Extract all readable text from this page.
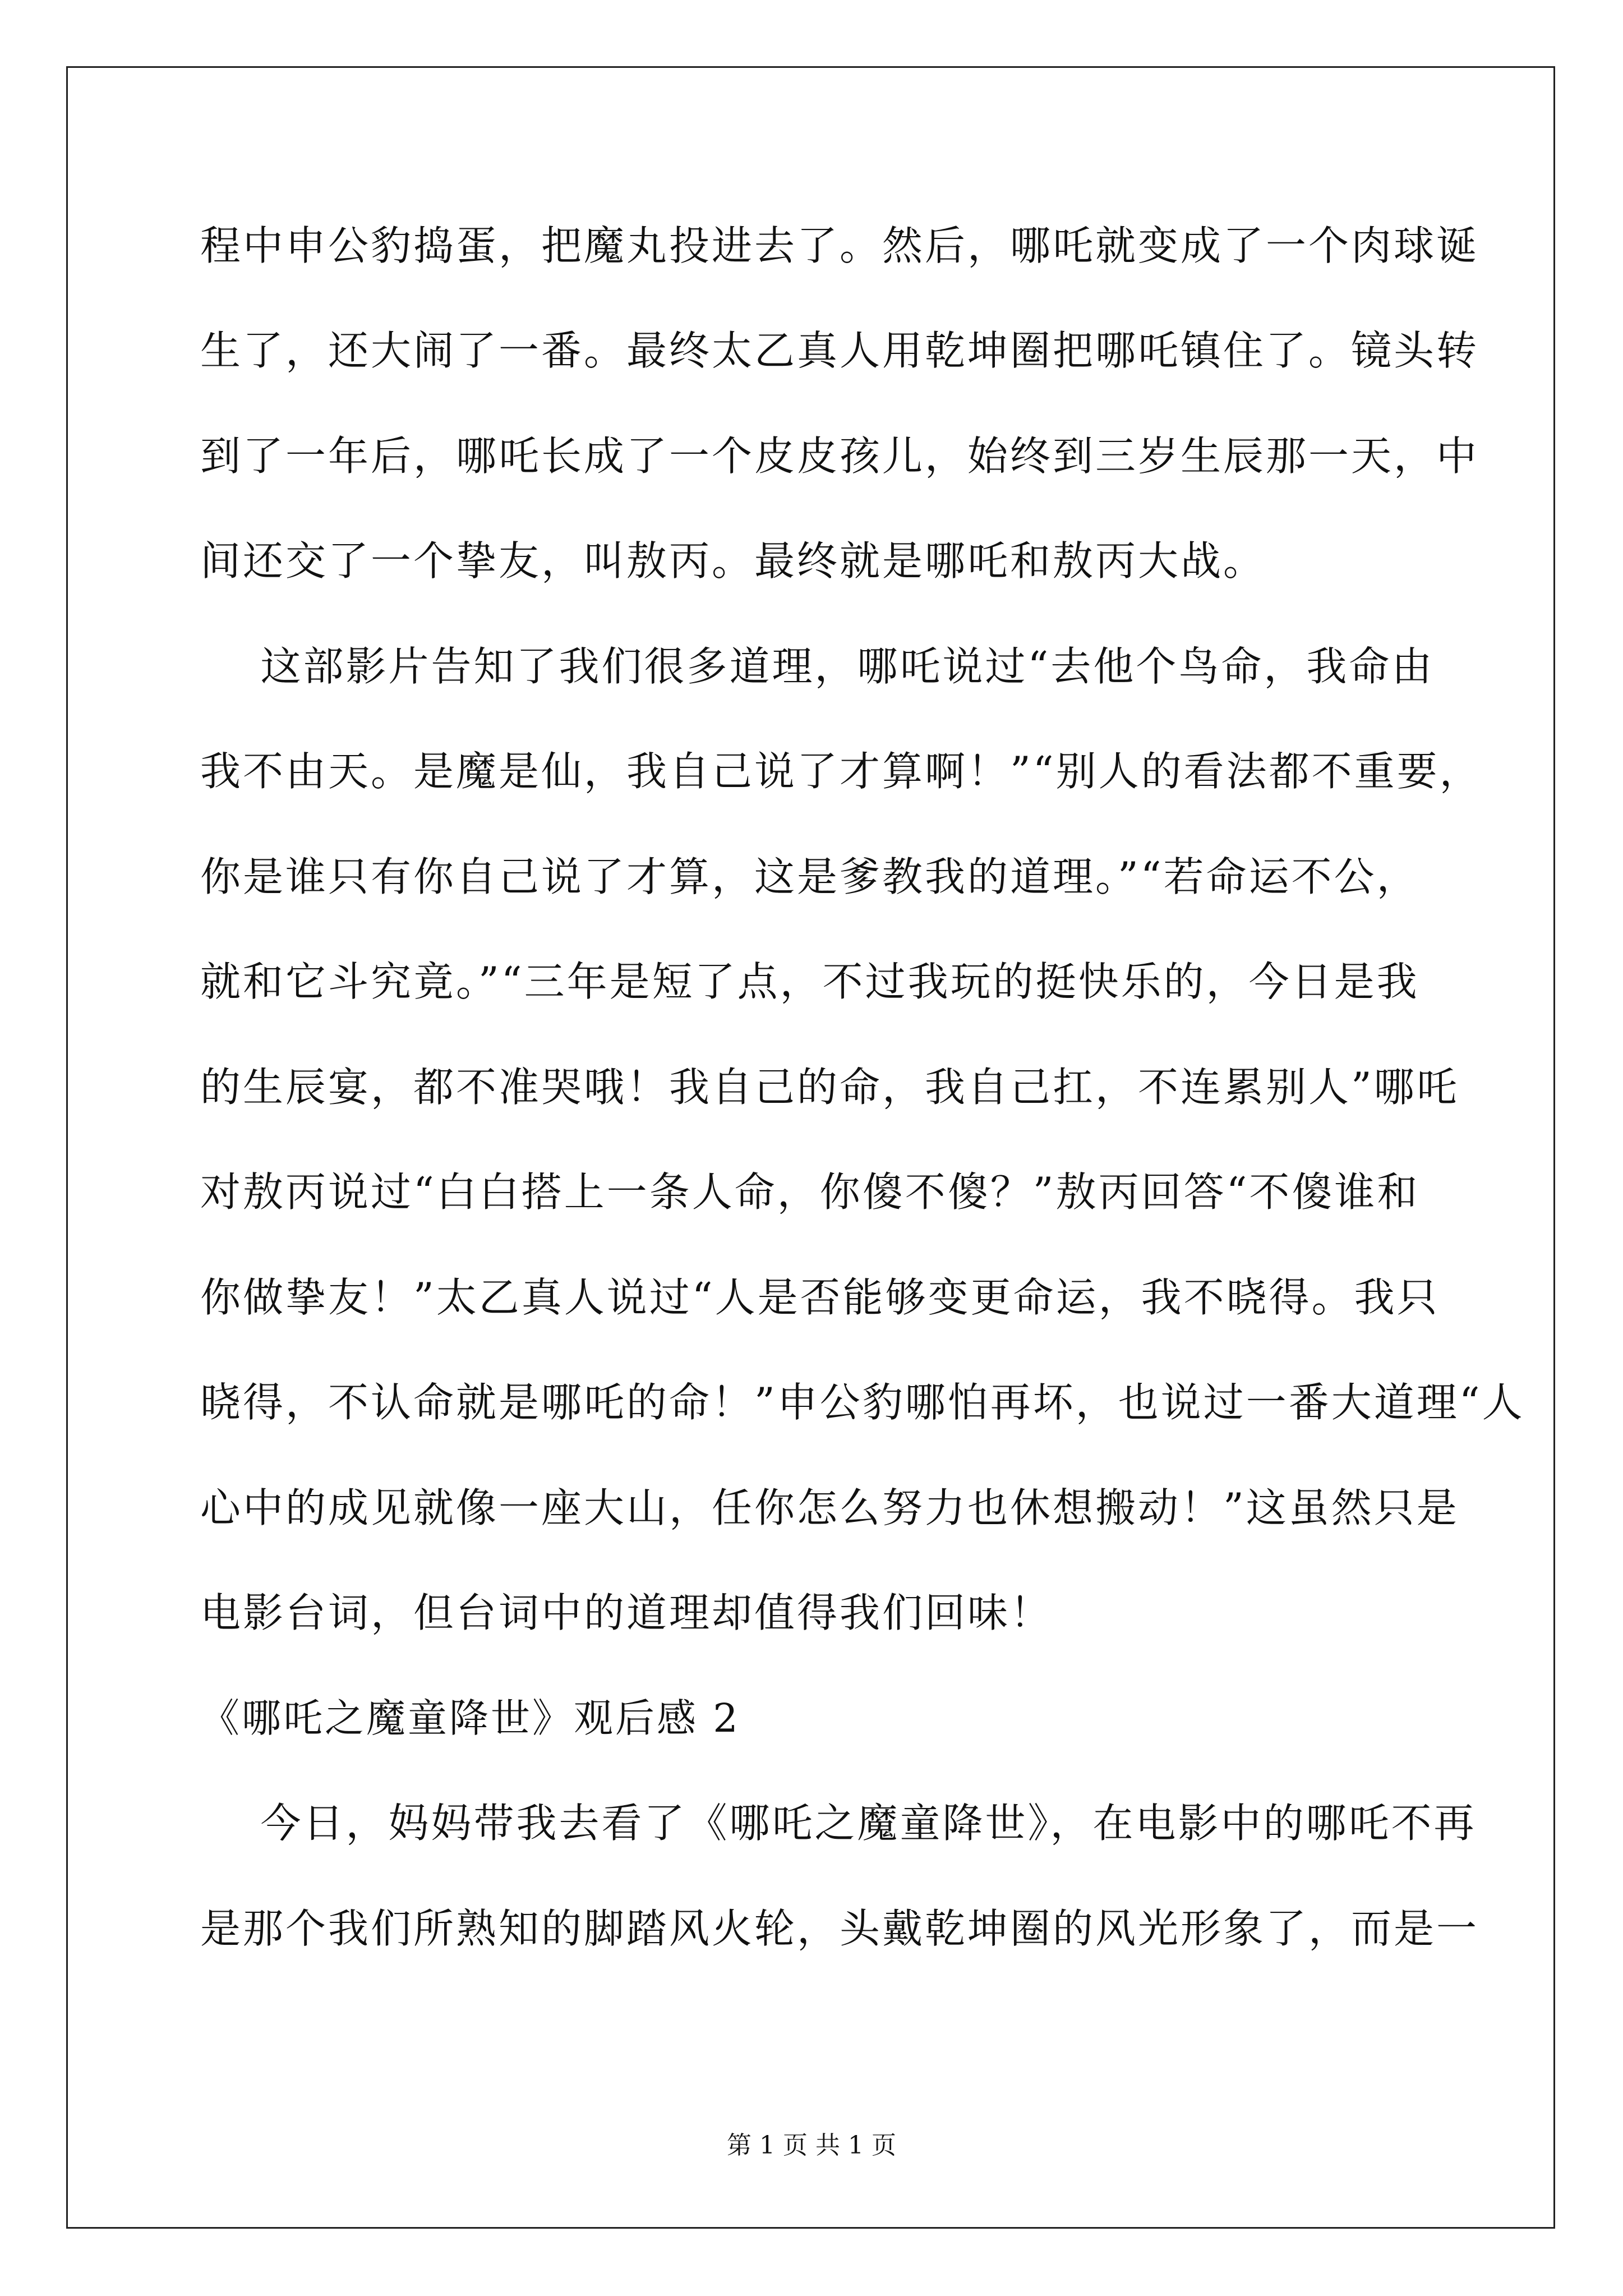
程中申公豹捣蛋，把魔丸投进去了。然后，哪吒就变成了一个肉球诞
生了，还大闹了一番。最终太乙真人用乾坤圈把哪吒镇住了。镜头转
到了一年后，哪吒长成了一个皮皮孩儿，始终到三岁生辰那一天，中
间还交了一个挚友，叫敖丙。最终就是哪吒和敖丙大战。
这部影片告知了我们很多道理，哪吒说过“去他个鸟命，我命由
我不由天。是魔是仙，我自己说了才算啊！”“别人的看法都不重要，
你是谁只有你自己说了才算，这是爹教我的道理。”“若命运不公，
就和它斗究竟。”“三年是短了点，不过我玩的挺快乐的，今日是我
的生辰宴，都不准哭哦！我自己的命，我自己扛，不连累别人”哪吒
对敖丙说过“白白搭上一条人命，你傻不傻？”敖丙回答“不傻谁和
你做挚友！”太乙真人说过“人是否能够变更命运，我不晓得。我只
晓得，不认命就是哪吒的命！”申公豹哪怕再坏，也说过一番大道理“人
心中的成见就像一座大山，任你怎么努力也休想搬动！”这虽然只是
电影台词，但台词中的道理却值得我们回味！
《哪吒之魔童降世》观后感 2
今日，妈妈带我去看了《哪吒之魔童降世》，在电影中的哪吒不再
是那个我们所熟知的脚踏风火轮，头戴乾坤圈的风光形象了，而是一
第 1 页 共 1 页
